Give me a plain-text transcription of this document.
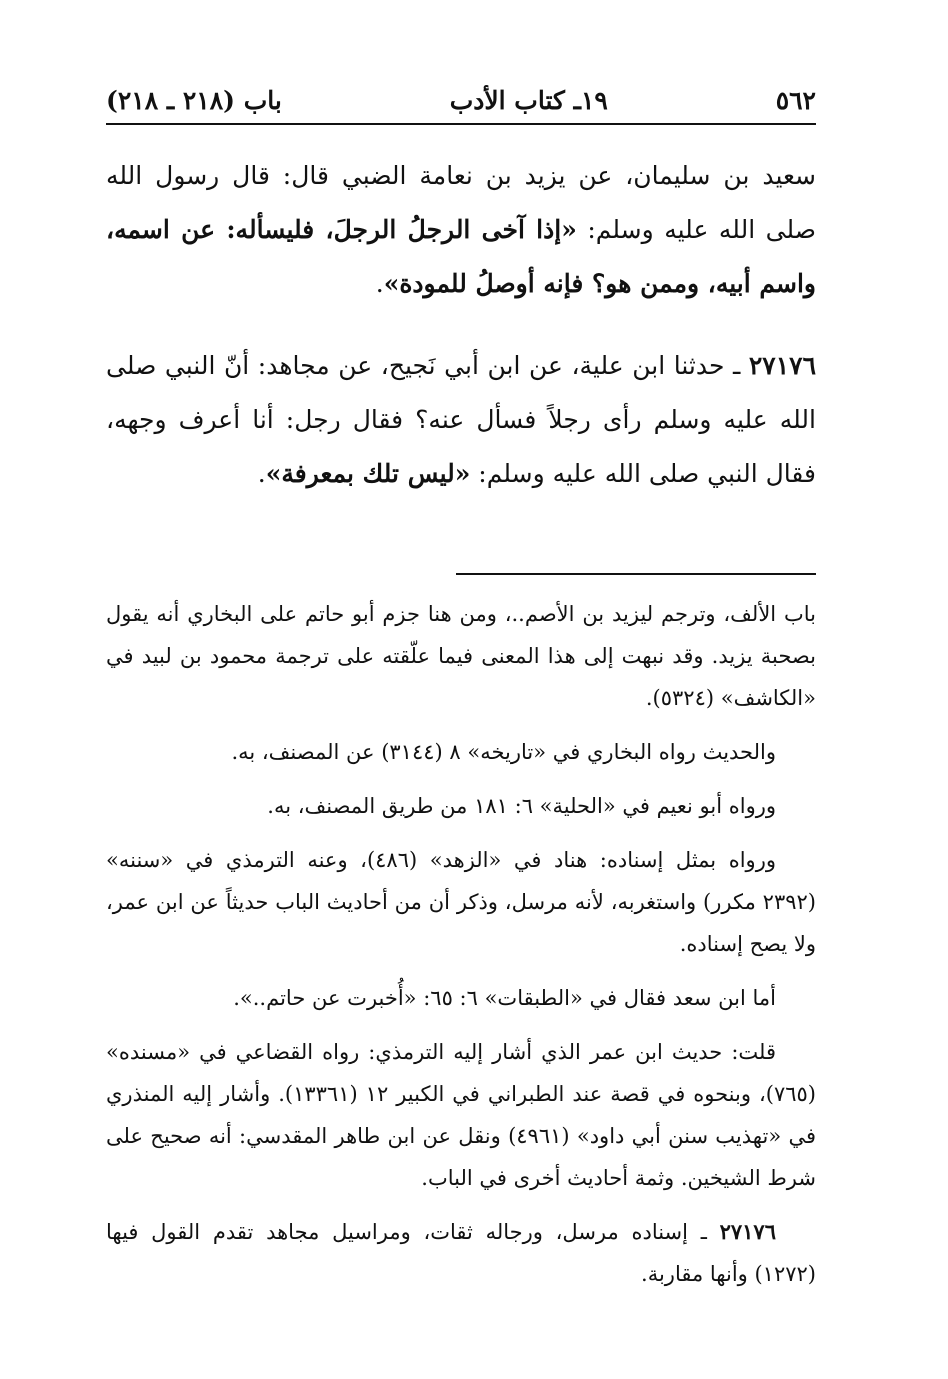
٥٦٢
١٩ـ كتاب الأدب
باب (٢١٨ ـ ٢١٨)

سعيد بن سليمان، عن يزيد بن نعامة الضبي قال: قال رسول الله صلى الله عليه وسلم: «إذا آخى الرجلُ الرجلَ، فليسأله: عن اسمه، واسم أبيه، وممن هو؟ فإنه أوصلُ للمودة».

٢٧١٧٦ ـ حدثنا ابن علية، عن ابن أبي نَجيح، عن مجاهد: أنّ النبي صلى الله عليه وسلم رأى رجلاً فسأل عنه؟ فقال رجل: أنا أعرف وجهه، فقال النبي صلى الله عليه وسلم: «ليس تلك بمعرفة».

باب الألف، وترجم ليزيد بن الأصم..، ومن هنا جزم أبو حاتم على البخاري أنه يقول بصحبة يزيد. وقد نبهت إلى هذا المعنى فيما علّقته على ترجمة محمود بن لبيد في «الكاشف» (٥٣٢٤).

والحديث رواه البخاري في «تاريخه» ٨ (٣١٤٤) عن المصنف، به.

ورواه أبو نعيم في «الحلية» ٦: ١٨١ من طريق المصنف، به.

ورواه بمثل إسناده: هناد في «الزهد» (٤٨٦)، وعنه الترمذي في «سننه» (٢٣٩٢ مكرر) واستغربه، لأنه مرسل، وذكر أن من أحاديث الباب حديثاً عن ابن عمر، ولا يصح إسناده.

أما ابن سعد فقال في «الطبقات» ٦: ٦٥: «أُخبرت عن حاتم..».

قلت: حديث ابن عمر الذي أشار إليه الترمذي: رواه القضاعي في «مسنده» (٧٦٥)، وبنحوه في قصة عند الطبراني في الكبير ١٢ (١٣٣٦١). وأشار إليه المنذري في «تهذيب سنن أبي داود» (٤٩٦١) ونقل عن ابن طاهر المقدسي: أنه صحيح على شرط الشيخين. وثمة أحاديث أخرى في الباب.

٢٧١٧٦ ـ إسناده مرسل، ورجاله ثقات، ومراسيل مجاهد تقدم القول فيها (١٢٧٢) وأنها مقاربة.
